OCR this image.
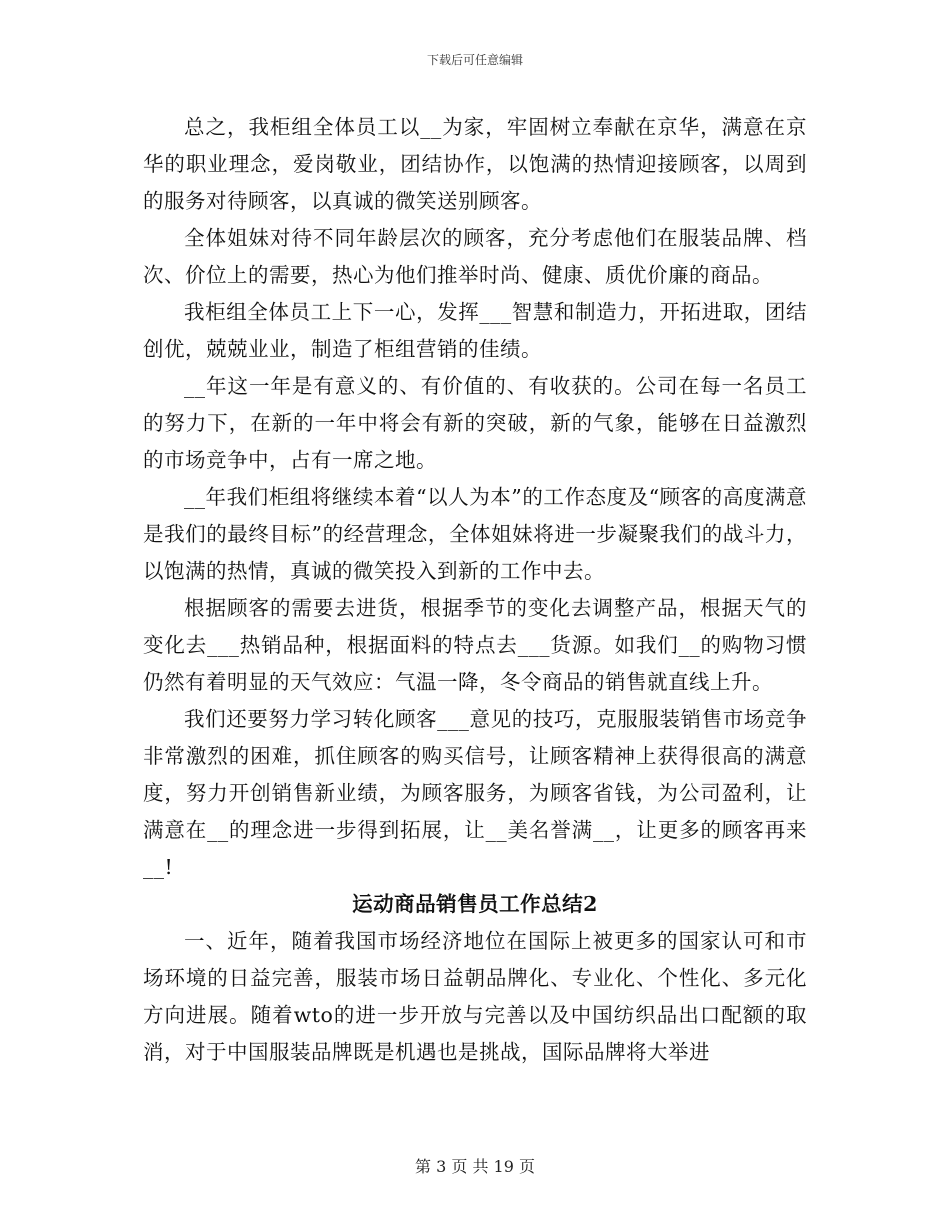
下载后可任意编辑

总之，我柜组全体员工以__为家，牢固树立奉献在京华，满意在京华的职业理念，爱岗敬业，团结协作，以饱满的热情迎接顾客，以周到的服务对待顾客，以真诚的微笑送别顾客。

全体姐妹对待不同年龄层次的顾客，充分考虑他们在服装品牌、档次、价位上的需要，热心为他们推举时尚、健康、质优价廉的商品。

我柜组全体员工上下一心，发挥___智慧和制造力，开拓进取，团结创优，兢兢业业，制造了柜组营销的佳绩。

__年这一年是有意义的、有价值的、有收获的。公司在每一名员工的努力下，在新的一年中将会有新的突破，新的气象，能够在日益激烈的市场竞争中，占有一席之地。

__年我们柜组将继续本着“以人为本”的工作态度及“顾客的高度满意是我们的最终目标”的经营理念，全体姐妹将进一步凝聚我们的战斗力，以饱满的热情，真诚的微笑投入到新的工作中去。

根据顾客的需要去进货，根据季节的变化去调整产品，根据天气的变化去___热销品种，根据面料的特点去___货源。如我们__的购物习惯仍然有着明显的天气效应：气温一降，冬令商品的销售就直线上升。

我们还要努力学习转化顾客___意见的技巧，克服服装销售市场竞争非常激烈的困难，抓住顾客的购买信号，让顾客精神上获得很高的满意度，努力开创销售新业绩，为顾客服务，为顾客省钱，为公司盈利，让满意在__的理念进一步得到拓展，让__美名誉满__，让更多的顾客再来__!

运动商品销售员工作总结2

一、近年，随着我国市场经济地位在国际上被更多的国家认可和市场环境的日益完善，服装市场日益朝品牌化、专业化、个性化、多元化方向进展。随着wto的进一步开放与完善以及中国纺织品出口配额的取消，对于中国服装品牌既是机遇也是挑战，国际品牌将大举进

第 3 页 共 19 页
